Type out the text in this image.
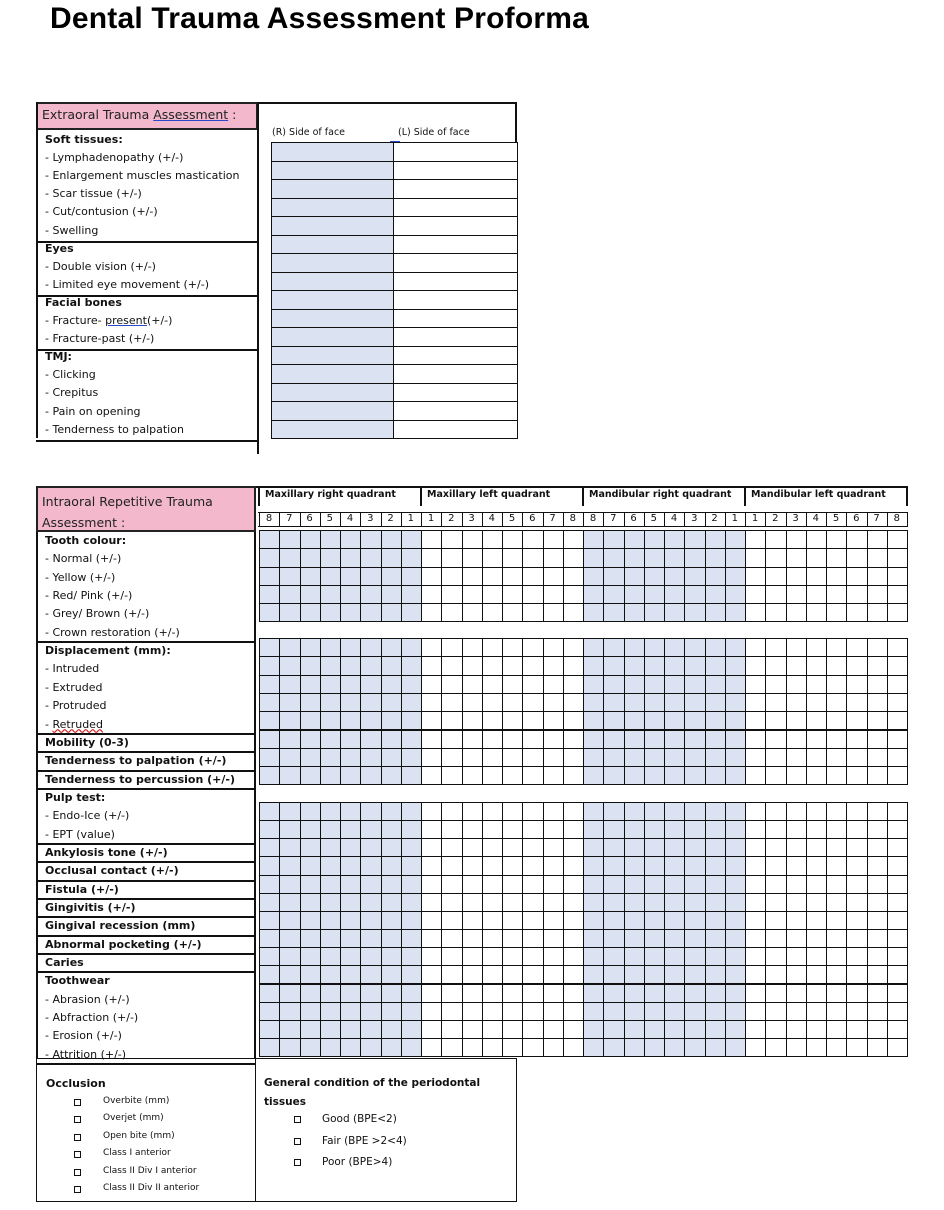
Dental Trauma Assessment Proforma
Extraoral Trauma Assessment :
(R) Side of face	(L) Side of face
Soft tissues:
- Lymphadenopathy (+/-)
- Enlargement muscles mastication
- Scar tissue (+/-)
- Cut/contusion (+/-)
- Swelling
Eyes
- Double vision (+/-)
- Limited eye movement (+/-)
Facial bones
- Fracture- present(+/-)
- Fracture-past (+/-)
TMJ:
- Clicking
- Crepitus
- Pain on opening
- Tenderness to palpation
Intraoral Repetitive Trauma
Assessment :
Maxillary right quadrant	Maxillary left quadrant	Mandibular right quadrant Mandibular left quadrant
8	7	6	5	4	3	2	1	1	2	3	4	5	6	7	8	8	7	6	5	4	3	2	1	1	2	3	4	5	6	7	8
Tooth colour:
- Normal (+/-)
- Yellow (+/-)
- Red/ Pink (+/-)
- Grey/ Brown (+/-)
- Crown restoration (+/-)
Displacement (mm):
- Intruded
- Extruded
- Protruded
- Retruded
Mobility (0-3)
Tenderness to palpation (+/-)
Tenderness to percussion (+/-)
Pulp test:
- Endo-Ice (+/-)
- EPT (value)
Ankylosis tone (+/-)
Occlusal contact (+/-)
Fistula (+/-)
Gingivitis (+/-)
Gingival recession (mm)
Abnormal pocketing (+/-)
Caries
Toothwear
- Abrasion (+/-)
- Abfraction (+/-)
- Erosion (+/-)
- Attrition (+/-)
Occlusion
Overbite (mm)
Overjet (mm)
Open bite (mm)
Class I anterior
Class II Div I anterior
Class II Div II anterior
General condition of the periodontal
tissues
Good (BPE<2)
Fair (BPE >2<4)
Poor (BPE>4)
